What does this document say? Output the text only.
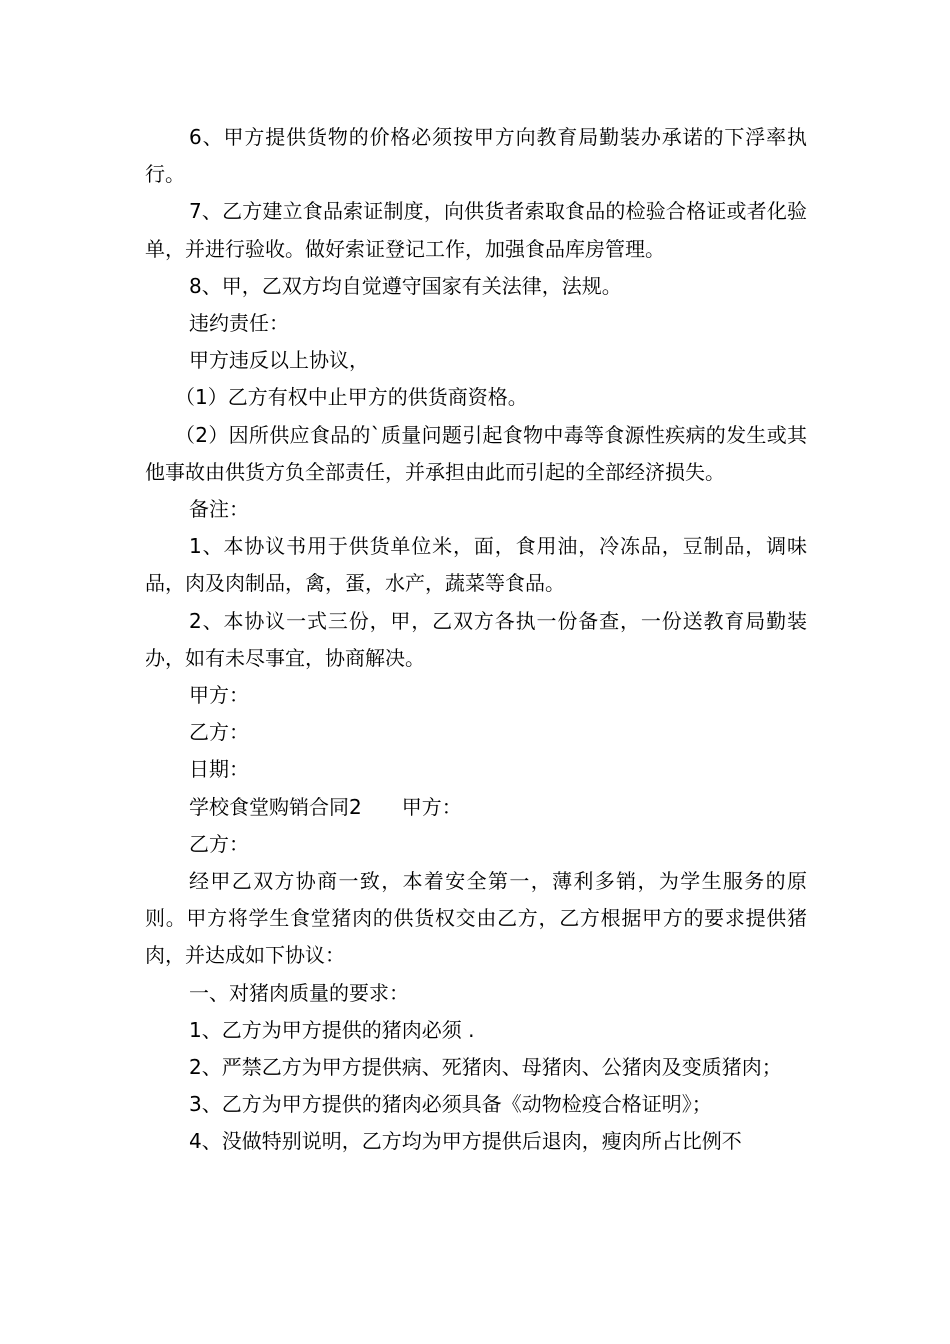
6、甲方提供货物的价格必须按甲方向教育局勤装办承诺的下浮率执行。

7、乙方建立食品索证制度，向供货者索取食品的检验合格证或者化验单，并进行验收。做好索证登记工作，加强食品库房管理。

8、甲，乙双方均自觉遵守国家有关法律，法规。

违约责任：

甲方违反以上协议，

（1）乙方有权中止甲方的供货商资格。

（2）因所供应食品的`质量问题引起食物中毒等食源性疾病的发生或其他事故由供货方负全部责任，并承担由此而引起的全部经济损失。

备注：

1、本协议书用于供货单位米，面，食用油，冷冻品，豆制品，调味品，肉及肉制品，禽，蛋，水产，蔬菜等食品。

2、本协议一式三份，甲，乙双方各执一份备查，一份送教育局勤装办，如有未尽事宜，协商解决。

甲方：

乙方：

日期：

学校食堂购销合同2 甲方：

乙方：

经甲乙双方协商一致，本着安全第一，薄利多销，为学生服务的原则。甲方将学生食堂猪肉的供货权交由乙方，乙方根据甲方的要求提供猪肉，并达成如下协议：

一、对猪肉质量的要求：

1、乙方为甲方提供的猪肉必须 .

2、严禁乙方为甲方提供病、死猪肉、母猪肉、公猪肉及变质猪肉；

3、乙方为甲方提供的猪肉必须具备《动物检疫合格证明》；

4、没做特别说明，乙方均为甲方提供后退肉，瘦肉所占比例不
